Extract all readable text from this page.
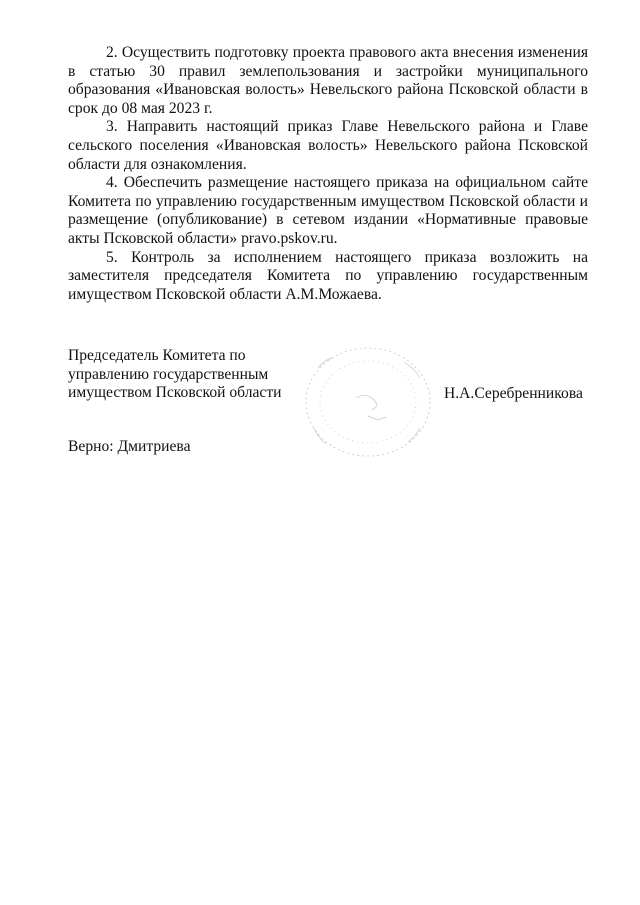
2. Осуществить подготовку проекта правового акта внесения изменения в статью 30 правил землепользования и застройки муниципального образования «Ивановская волость» Невельского района Псковской области в срок до 08 мая 2023 г.

3. Направить настоящий приказ Главе Невельского района и Главе сельского поселения «Ивановская волость» Невельского района Псковской области для ознакомления.

4. Обеспечить размещение настоящего приказа на официальном сайте Комитета по управлению государственным имуществом Псковской области и размещение (опубликование) в сетевом издании «Нормативные правовые акты Псковской области» pravo.pskov.ru.

5. Контроль за исполнением настоящего приказа возложить на заместителя председателя Комитета по управлению государственным имуществом Псковской области А.М.Можаева.

Председатель Комитета по
управлению государственным
имуществом Псковской области	Н.А.Серебренникова
Верно: Дмитриева
